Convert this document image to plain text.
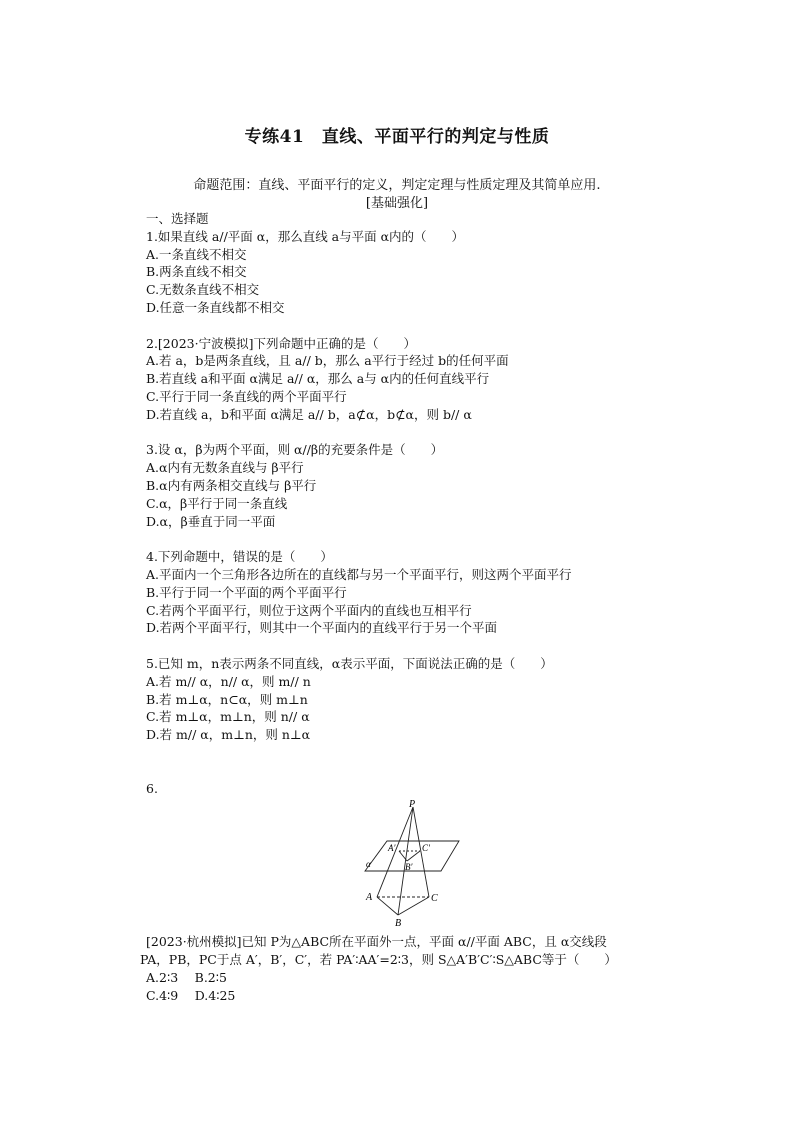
专练41　直线、平面平行的判定与性质
命题范围：直线、平面平行的定义，判定定理与性质定理及其简单应用.
[基础强化]
一、选择题
1.如果直线 a//平面 α，那么直线 a与平面 α内的（　　）
A.一条直线不相交
B.两条直线不相交
C.无数条直线不相交
D.任意一条直线都不相交
2.[2023·宁波模拟]下列命题中正确的是（　　）
A.若 a，b是两条直线，且 a// b，那么 a平行于经过 b的任何平面
B.若直线 a和平面 α满足 a// α，那么 a与 α内的任何直线平行
C.平行于同一条直线的两个平面平行
D.若直线 a，b和平面 α满足 a// b，a⊄α，b⊄α，则 b// α
3.设 α，β为两个平面，则 α//β的充要条件是（　　）
A.α内有无数条直线与 β平行
B.α内有两条相交直线与 β平行
C.α，β平行于同一条直线
D.α，β垂直于同一平面
4.下列命题中，错误的是（　　）
A.平面内一个三角形各边所在的直线都与另一个平面平行，则这两个平面平行
B.平行于同一个平面的两个平面平行
C.若两个平面平行，则位于这两个平面内的直线也互相平行
D.若两个平面平行，则其中一个平面内的直线平行于另一个平面
5.已知 m，n表示两条不同直线，α表示平面，下面说法正确的是（　　）
A.若 m// α，n// α，则 m// n
B.若 m⊥α，n⊂α，则 m⊥n
C.若 m⊥α，m⊥n，则 n// α
D.若 m// α，m⊥n，则 n⊥α
6.
P
A′	C′
B′
α
A	C
B
[2023·杭州模拟]已知 P为△ABC所在平面外一点，平面 α//平面 ABC，且 α交线段
PA，PB，PC于点 A′，B′，C′，若 PA′∶AA′=2∶3，则 S△A′B′C′∶S△ABC等于（　　）
A.2∶3　 B.2∶5
C.4∶9　 D.4∶25
